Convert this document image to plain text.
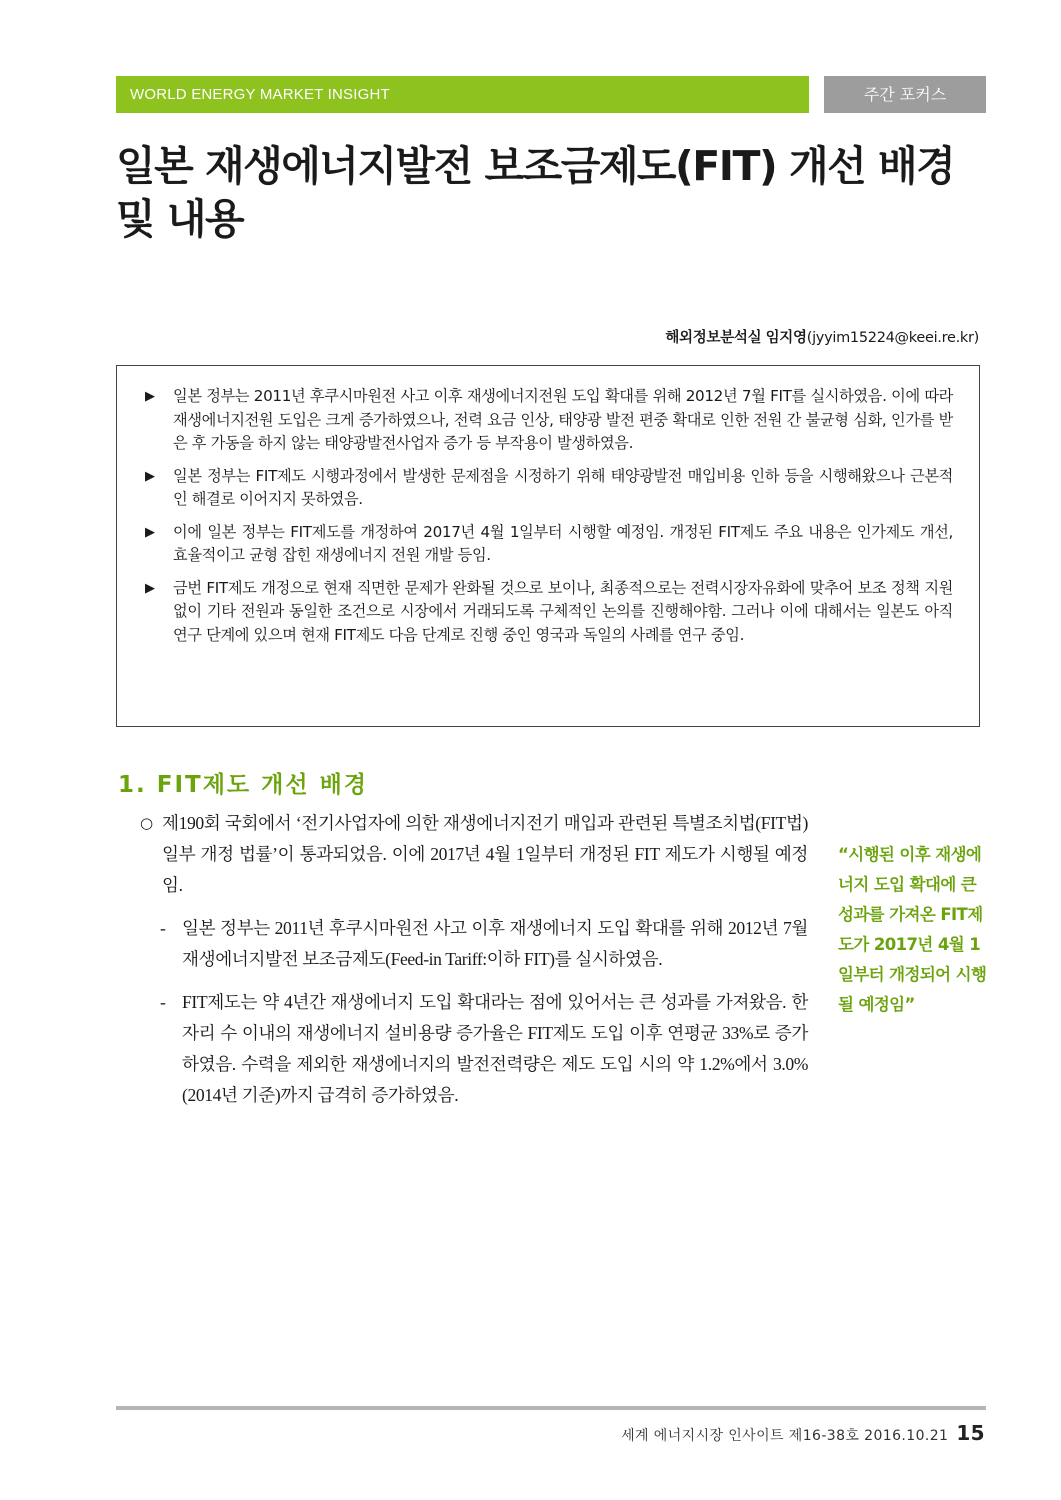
WORLD ENERGY MARKET INSIGHT	주간 포커스
일본 재생에너지발전 보조금제도(FIT) 개선 배경 및 내용
해외정보분석실 임지영(jyyim15224@keei.re.kr)
▶ 일본 정부는 2011년 후쿠시마원전 사고 이후 재생에너지전원 도입 확대를 위해 2012년 7월 FIT를 실시하였음. 이에 따라 재생에너지전원 도입은 크게 증가하였으나, 전력 요금 인상, 태양광 발전 편중 확대로 인한 전원 간 불균형 심화, 인가를 받은 후 가동을 하지 않는 태양광발전사업자 증가 등 부작용이 발생하였음.
▶ 일본 정부는 FIT제도 시행과정에서 발생한 문제점을 시정하기 위해 태양광발전 매입비용 인하 등을 시행해왔으나 근본적인 해결로 이어지지 못하였음.
▶ 이에 일본 정부는 FIT제도를 개정하여 2017년 4월 1일부터 시행할 예정임. 개정된 FIT제도 주요 내용은 인가제도 개선, 효율적이고 균형 잡힌 재생에너지 전원 개발 등임.
▶ 금번 FIT제도 개정으로 현재 직면한 문제가 완화될 것으로 보이나, 최종적으로는 전력시장자유화에 맞추어 보조 정책 지원없이 기타 전원과 동일한 조건으로 시장에서 거래되도록 구체적인 논의를 진행해야함. 그러나 이에 대해서는 일본도 아직 연구 단계에 있으며 현재 FIT제도 다음 단계로 진행 중인 영국과 독일의 사례를 연구 중임.
1. FIT제도 개선 배경

○ 제190회 국회에서 ‘전기사업자에 의한 재생에너지전기 매입과 관련된 특별조치법(FIT법) 일부 개정 법률’이 통과되었음. 이에 2017년 4월 1일부터 개정된 FIT 제도가 시행될 예정임.

- 일본 정부는 2011년 후쿠시마원전 사고 이후 재생에너지 도입 확대를 위해 2012년 7월 재생에너지발전 보조금제도(Feed-in Tariff:이하 FIT)를 실시하였음.

- FIT제도는 약 4년간 재생에너지 도입 확대라는 점에 있어서는 큰 성과를 가져왔음. 한 자리 수 이내의 재생에너지 설비용량 증가율은 FIT제도 도입 이후 연평균 33%로 증가하였음. 수력을 제외한 재생에너지의 발전전력량은 제도 도입 시의 약 1.2%에서 3.0%(2014년 기준)까지 급격히 증가하였음.

“시행된 이후 재생에너지 도입 확대에 큰 성과를 가져온 FIT제도가 2017년 4월 1일부터 개정되어 시행될 예정임”
세계 에너지시장 인사이트 제16-38호 2016.10.21 15
